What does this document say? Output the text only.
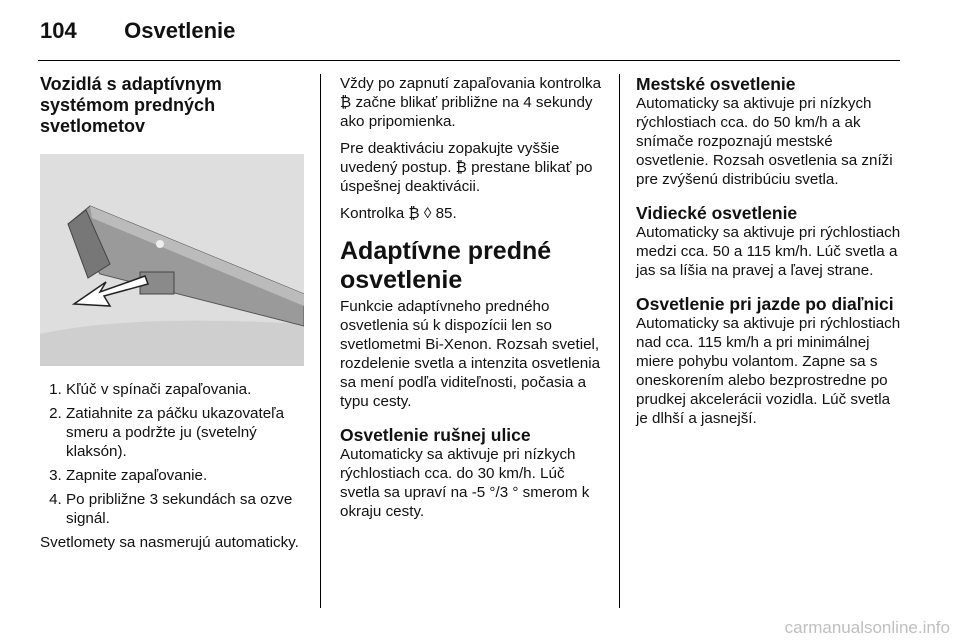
104 Osvetlenie
Vozidlá s adaptívnym systémom predných svetlometov
1. Kľúč v spínači zapaľovania.
2. Zatiahnite za páčku ukazovateľa smeru a podržte ju (svetelný klaksón).
3. Zapnite zapaľovanie.
4. Po približne 3 sekundách sa ozve signál.

Svetlomety sa nasmerujú automaticky.

Vždy po zapnutí zapaľovania kontrolka ₿ začne blikať približne na 4 sekundy ako pripomienka.

Pre deaktiváciu zopakujte vyššie uvedený postup. ₿ prestane blikať po úspešnej deaktivácii.

Kontrolka ₿ ◊ 85.

Adaptívne predné osvetlenie

Funkcie adaptívneho predného osvetlenia sú k dispozícii len so svetlometmi Bi-Xenon. Rozsah svetiel, rozdelenie svetla a intenzita osvetlenia sa mení podľa viditeľnosti, počasia a typu cesty.

Osvetlenie rušnej ulice

Automaticky sa aktivuje pri nízkych rýchlostiach cca. do 30 km/h. Lúč svetla sa upraví na -5 °/3 ° smerom k okraju cesty.

Mestské osvetlenie

Automaticky sa aktivuje pri nízkych rýchlostiach cca. do 50 km/h a ak snímače rozpoznajú mestské osvetlenie. Rozsah osvetlenia sa zníži pre zvýšenú distribúciu svetla.

Vidiecké osvetlenie

Automaticky sa aktivuje pri rýchlostiach medzi cca. 50 a 115 km/h. Lúč svetla a jas sa líšia na pravej a ľavej strane.

Osvetlenie pri jazde po diaľnici

Automaticky sa aktivuje pri rýchlostiach nad cca. 115 km/h a pri minimálnej miere pohybu volantom. Zapne sa s oneskorením alebo bezprostredne po prudkej akcelerácii vozidla. Lúč svetla je dlhší a jasnejší.

carmanualsonline.info
